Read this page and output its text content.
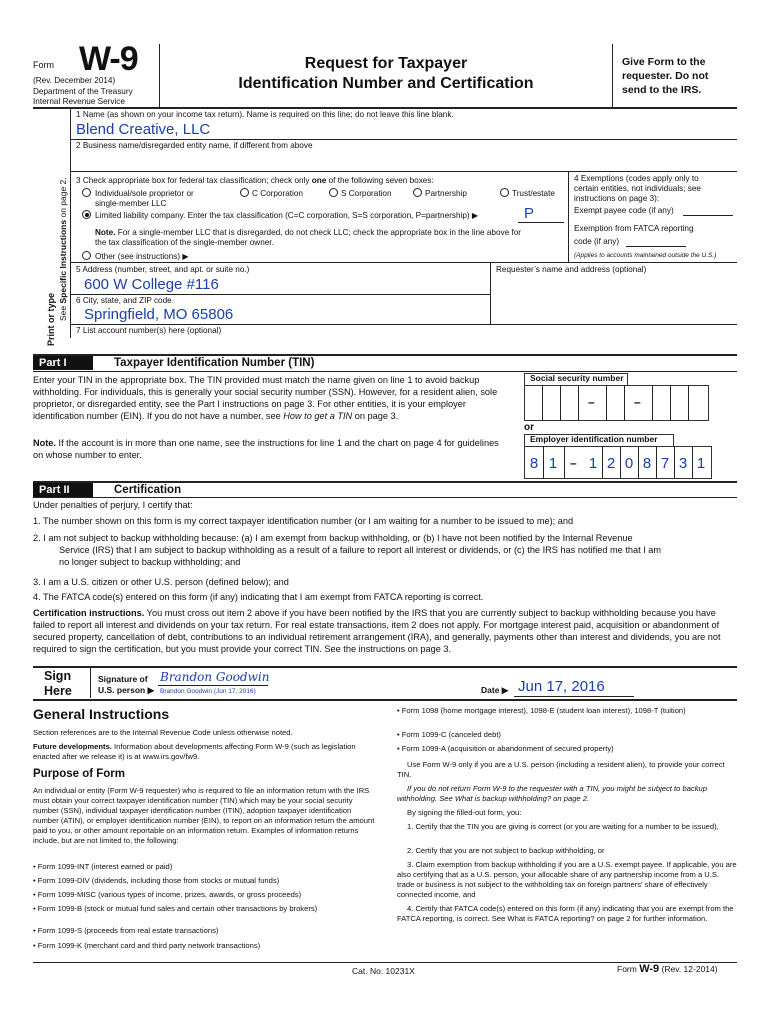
Form W-9
(Rev. December 2014)
Department of the Treasury
Internal Revenue Service
Request for Taxpayer
Identification Number and Certification
Give Form to the
requester. Do not
send to the IRS.
Print or type See Specific Instructions on page 2.
1 Name (as shown on your income tax return). Name is required on this line; do not leave this line blank.
Blend Creative, LLC
2 Business name/disregarded entity name, if different from above
3 Check appropriate box for federal tax classification; check only one of the following seven boxes:
Individual/sole proprietor or
single-member LLC
C Corporation	S Corporation	Partnership	Trust/estate
Limited liability company. Enter the tax classification (C=C corporation, S=S corporation, P=partnership) ▶	P
Note. For a single-member LLC that is disregarded, do not check LLC; check the appropriate box in the line above for
the tax classification of the single-member owner.
Other (see instructions) ▶
4 Exemptions (codes apply only to
certain entities, not individuals; see
instructions on page 3):
Exempt payee code (if any)
Exemption from FATCA reporting
code (if any)
(Applies to accounts maintained outside the U.S.)
5 Address (number, street, and apt. or suite no.)
600 W College #116
Requester’s name and address (optional)
6 City, state, and ZIP code
Springfield, MO 65806
7 List account number(s) here (optional)
Part I	Taxpayer Identification Number (TIN)
Enter your TIN in the appropriate box. The TIN provided must match the name given on line 1 to avoid backup withholding. For individuals, this is generally your social security number (SSN). However, for a resident alien, sole proprietor, or disregarded entity, see the Part I instructions on page 3. For other entities, it is your employer identification number (EIN). If you do not have a number, see How to get a TIN on page 3.
Note. If the account is in more than one name, see the instructions for line 1 and the chart on page 4 for guidelines on whose number to enter.
Social security number
–	–
or
Employer identification number
8 1	– 1 2 0 8 7 3 1
Part II	Certification
Under penalties of perjury, I certify that:
1. The number shown on this form is my correct taxpayer identification number (or I am waiting for a number to be issued to me); and
2. I am not subject to backup withholding because: (a) I am exempt from backup withholding, or (b) I have not been notified by the Internal Revenue
Service (IRS) that I am subject to backup withholding as a result of a failure to report all interest or dividends, or (c) the IRS has notified me that I am
no longer subject to backup withholding; and
3. I am a U.S. citizen or other U.S. person (defined below); and
4. The FATCA code(s) entered on this form (if any) indicating that I am exempt from FATCA reporting is correct.
Certification instructions. You must cross out item 2 above if you have been notified by the IRS that you are currently subject to backup withholding because you have failed to report all interest and dividends on your tax return. For real estate transactions, item 2 does not apply. For mortgage interest paid, acquisition or abandonment of secured property, cancellation of debt, contributions to an individual retirement arrangement (IRA), and generally, payments other than interest and dividends, you are not required to sign the certification, but you must provide your correct TIN. See the instructions on page 3.
Sign
Here
Signature of
U.S. person ▶
Brandon Goodwin
Brandon Goodwin (Jun 17, 2016)	Date ▶ Jun 17, 2016
General Instructions
Section references are to the Internal Revenue Code unless otherwise noted.
Future developments. Information about developments affecting Form W-9 (such as legislation enacted after we release it) is at www.irs.gov/fw9.
Purpose of Form
An individual or entity (Form W-9 requester) who is required to file an information return with the IRS must obtain your correct taxpayer identification number (TIN) which may be your social security number (SSN), individual taxpayer identification number (ITIN), adoption taxpayer identification number (ATIN), or employer identification number (EIN), to report on an information return the amount paid to you, or other amount reportable on an information return. Examples of information returns include, but are not limited to, the following:
• Form 1099-INT (interest earned or paid)
• Form 1099-DIV (dividends, including those from stocks or mutual funds)
• Form 1099-MISC (various types of income, prizes, awards, or gross proceeds)
• Form 1099-B (stock or mutual fund sales and certain other transactions by brokers)
• Form 1099-S (proceeds from real estate transactions)
• Form 1099-K (merchant card and third party network transactions)
• Form 1098 (home mortgage interest), 1098-E (student loan interest), 1098-T (tuition)
• Form 1099-C (canceled debt)
• Form 1099-A (acquisition or abandonment of secured property)
Use Form W-9 only if you are a U.S. person (including a resident alien), to provide your correct TIN.
If you do not return Form W-9 to the requester with a TIN, you might be subject to backup withholding. See What is backup withholding? on page 2.
By signing the filled-out form, you:
1. Certify that the TIN you are giving is correct (or you are waiting for a number to be issued),
2. Certify that you are not subject to backup withholding, or
3. Claim exemption from backup withholding if you are a U.S. exempt payee. If applicable, you are also certifying that as a U.S. person, your allocable share of any partnership income from a U.S. trade or business is not subject to the withholding tax on foreign partners' share of effectively connected income, and
4. Certify that FATCA code(s) entered on this form (if any) indicating that you are exempt from the FATCA reporting, is correct. See What is FATCA reporting? on page 2 for further information.
Cat. No. 10231X	Form W-9 (Rev. 12-2014)
